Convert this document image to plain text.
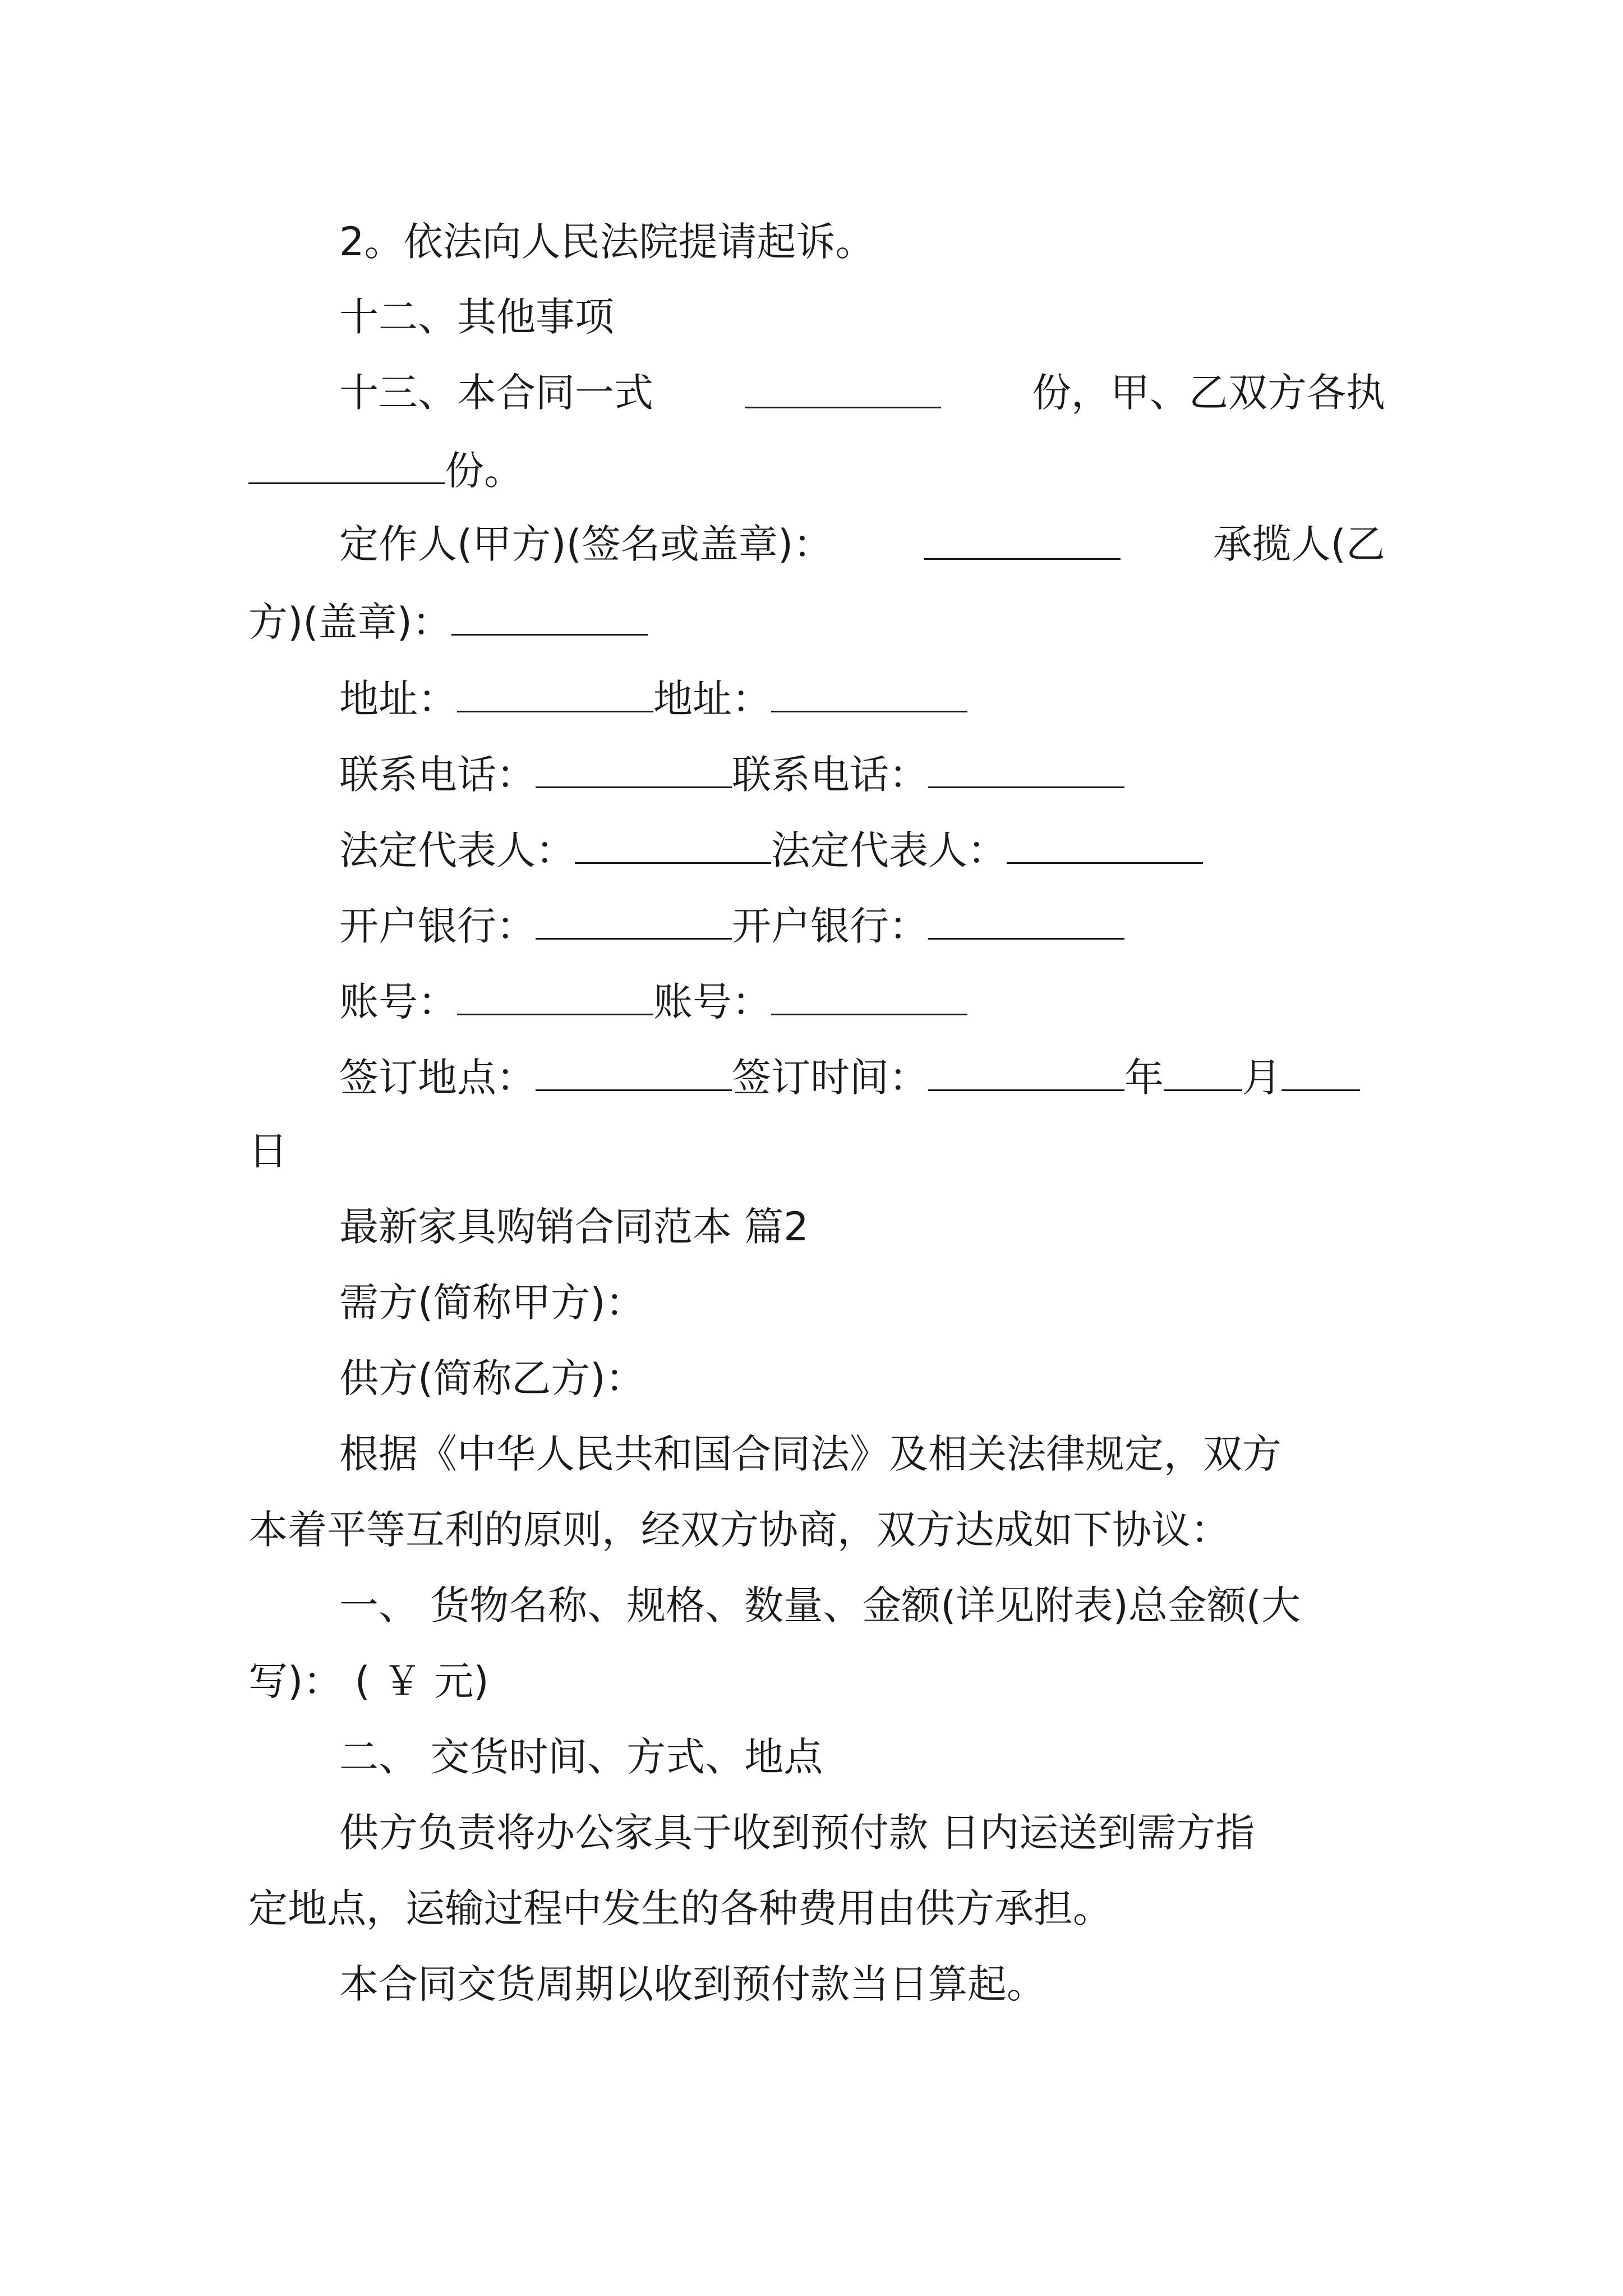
2。依法向人民法院提请起诉。
十二、其他事项
十三、本合同一式	份，甲、乙双方各执
份。
定作人(甲方)(签名或盖章)：	承揽人(乙
方)(盖章)：
地址：	地址：
联系电话：	联系电话：
法定代表人：	法定代表人：
开户银行：	开户银行：
账号：	账号：
签订地点：	签订时间：	年 月
日
最新家具购销合同范本 篇2
需方(简称甲方)：
供方(简称乙方)：
根据《中华人民共和国合同法》及相关法律规定，双方
本着平等互利的原则，经双方协商，双方达成如下协议：
一、 货物名称、规格、数量、金额(详见附表)总金额(大
写)： ( ￥ 元)
二、 交货时间、方式、地点
供方负责将办公家具于收到预付款 日内运送到需方指
定地点，运输过程中发生的各种费用由供方承担。
本合同交货周期以收到预付款当日算起。
